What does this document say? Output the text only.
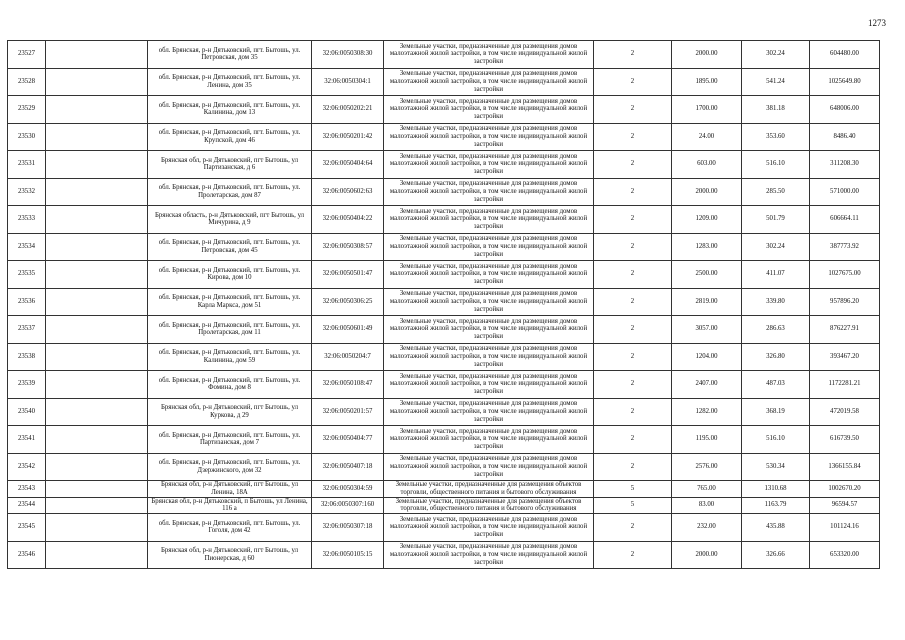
1273
23527		обл. Брянская, р-н Дятьковский, пгт. Бытошь, ул. Петровская, дом 35	32:06:0050308:30	Земельные участки, предназначенные для размещения домов малоэтажной жилой застройки, в том числе индивидуальной жилой застройки	2	2000.00	302.24	604480.00
23528		обл. Брянская, р-н Дятьковский, пгт. Бытошь, ул. Ленина, дом 35	32:06:0050304:1	Земельные участки, предназначенные для размещения домов малоэтажной жилой застройки, в том числе индивидуальной жилой застройки	2	1895.00	541.24	1025649.80
23529		обл. Брянская, р-н Дятьковский, пгт. Бытошь, ул. Калинина, дом 13	32:06:0050202:21	Земельные участки, предназначенные для размещения домов малоэтажной жилой застройки, в том числе индивидуальной жилой застройки	2	1700.00	381.18	648006.00
23530		обл. Брянская, р-н Дятьковский, пгт. Бытошь, ул. Крупской, дом 46	32:06:0050201:42	Земельные участки, предназначенные для размещения домов малоэтажной жилой застройки, в том числе индивидуальной жилой застройки	2	24.00	353.60	8486.40
23531		Брянская обл, р-н Дятьковский, пгт Бытошь, ул Партизанская, д 6	32:06:0050404:64	Земельные участки, предназначенные для размещения домов малоэтажной жилой застройки, в том числе индивидуальной жилой застройки	2	603.00	516.10	311208.30
23532		обл. Брянская, р-н Дятьковский, пгт. Бытошь, ул. Пролетарская, дом 87	32:06:0050602:63	Земельные участки, предназначенные для размещения домов малоэтажной жилой застройки, в том числе индивидуальной жилой застройки	2	2000.00	285.50	571000.00
23533		Брянская область, р-н Дятьковский, пгт Бытошь, ул Мичурина, д 9	32:06:0050404:22	Земельные участки, предназначенные для размещения домов малоэтажной жилой застройки, в том числе индивидуальной жилой застройки	2	1209.00	501.79	606664.11
23534		обл. Брянская, р-н Дятьковский, пгт. Бытошь, ул. Петровская, дом 45	32:06:0050308:57	Земельные участки, предназначенные для размещения домов малоэтажной жилой застройки, в том числе индивидуальной жилой застройки	2	1283.00	302.24	387773.92
23535		обл. Брянская, р-н Дятьковский, пгт. Бытошь, ул. Кирова, дом 10	32:06:0050501:47	Земельные участки, предназначенные для размещения домов малоэтажной жилой застройки, в том числе индивидуальной жилой застройки	2	2500.00	411.07	1027675.00
23536		обл. Брянская, р-н Дятьковский, пгт. Бытошь, ул. Карла Маркса, дом 51	32:06:0050306:25	Земельные участки, предназначенные для размещения домов малоэтажной жилой застройки, в том числе индивидуальной жилой застройки	2	2819.00	339.80	957896.20
23537		обл. Брянская, р-н Дятьковский, пгт. Бытошь, ул. Пролетарская, дом 11	32:06:0050601:49	Земельные участки, предназначенные для размещения домов малоэтажной жилой застройки, в том числе индивидуальной жилой застройки	2	3057.00	286.63	876227.91
23538		обл. Брянская, р-н Дятьковский, пгт. Бытошь, ул. Калинина, дом 59	32:06:0050204:7	Земельные участки, предназначенные для размещения домов малоэтажной жилой застройки, в том числе индивидуальной жилой застройки	2	1204.00	326.80	393467.20
23539		обл. Брянская, р-н Дятьковский, пгт. Бытошь, ул. Фомина, дом 8	32:06:0050108:47	Земельные участки, предназначенные для размещения домов малоэтажной жилой застройки, в том числе индивидуальной жилой застройки	2	2407.00	487.03	1172281.21
23540		Брянская обл, р-н Дятьковский, пгт Бытошь, ул Куркова, д 29	32:06:0050201:57	Земельные участки, предназначенные для размещения домов малоэтажной жилой застройки, в том числе индивидуальной жилой застройки	2	1282.00	368.19	472019.58
23541		обл. Брянская, р-н Дятьковский, пгт. Бытошь, ул. Партизанская, дом 7	32:06:0050404:77	Земельные участки, предназначенные для размещения домов малоэтажной жилой застройки, в том числе индивидуальной жилой застройки	2	1195.00	516.10	616739.50
23542		обл. Брянская, р-н Дятьковский, пгт. Бытошь, ул. Дзержинского, дом 32	32:06:0050407:18	Земельные участки, предназначенные для размещения домов малоэтажной жилой застройки, в том числе индивидуальной жилой застройки	2	2576.00	530.34	1366155.84
23543		Брянская обл, р-н Дятьковский, пгт Бытошь, ул Ленина, 18А	32:06:0050304:59	Земельные участки, предназначенные для размещения объектов торговли, общественного питания и бытового обслуживания	5	765.00	1310.68	1002670.20
23544		Брянская обл, р-н Дятьковский, п Бытошь, ул Ленина, 116 а	32:06:0050307:160	Земельные участки, предназначенные для размещения объектов торговли, общественного питания и бытового обслуживания	5	83.00	1163.79	96594.57
23545		обл. Брянская, р-н Дятьковский, пгт. Бытошь, ул. Гоголя, дом 42	32:06:0050307:18	Земельные участки, предназначенные для размещения домов малоэтажной жилой застройки, в том числе индивидуальной жилой застройки	2	232.00	435.88	101124.16
23546		Брянская обл, р-н Дятьковский, пгт Бытошь, ул Пионерская, д 60	32:06:0050105:15	Земельные участки, предназначенные для размещения домов малоэтажной жилой застройки, в том числе индивидуальной жилой застройки	2	2000.00	326.66	653320.00
